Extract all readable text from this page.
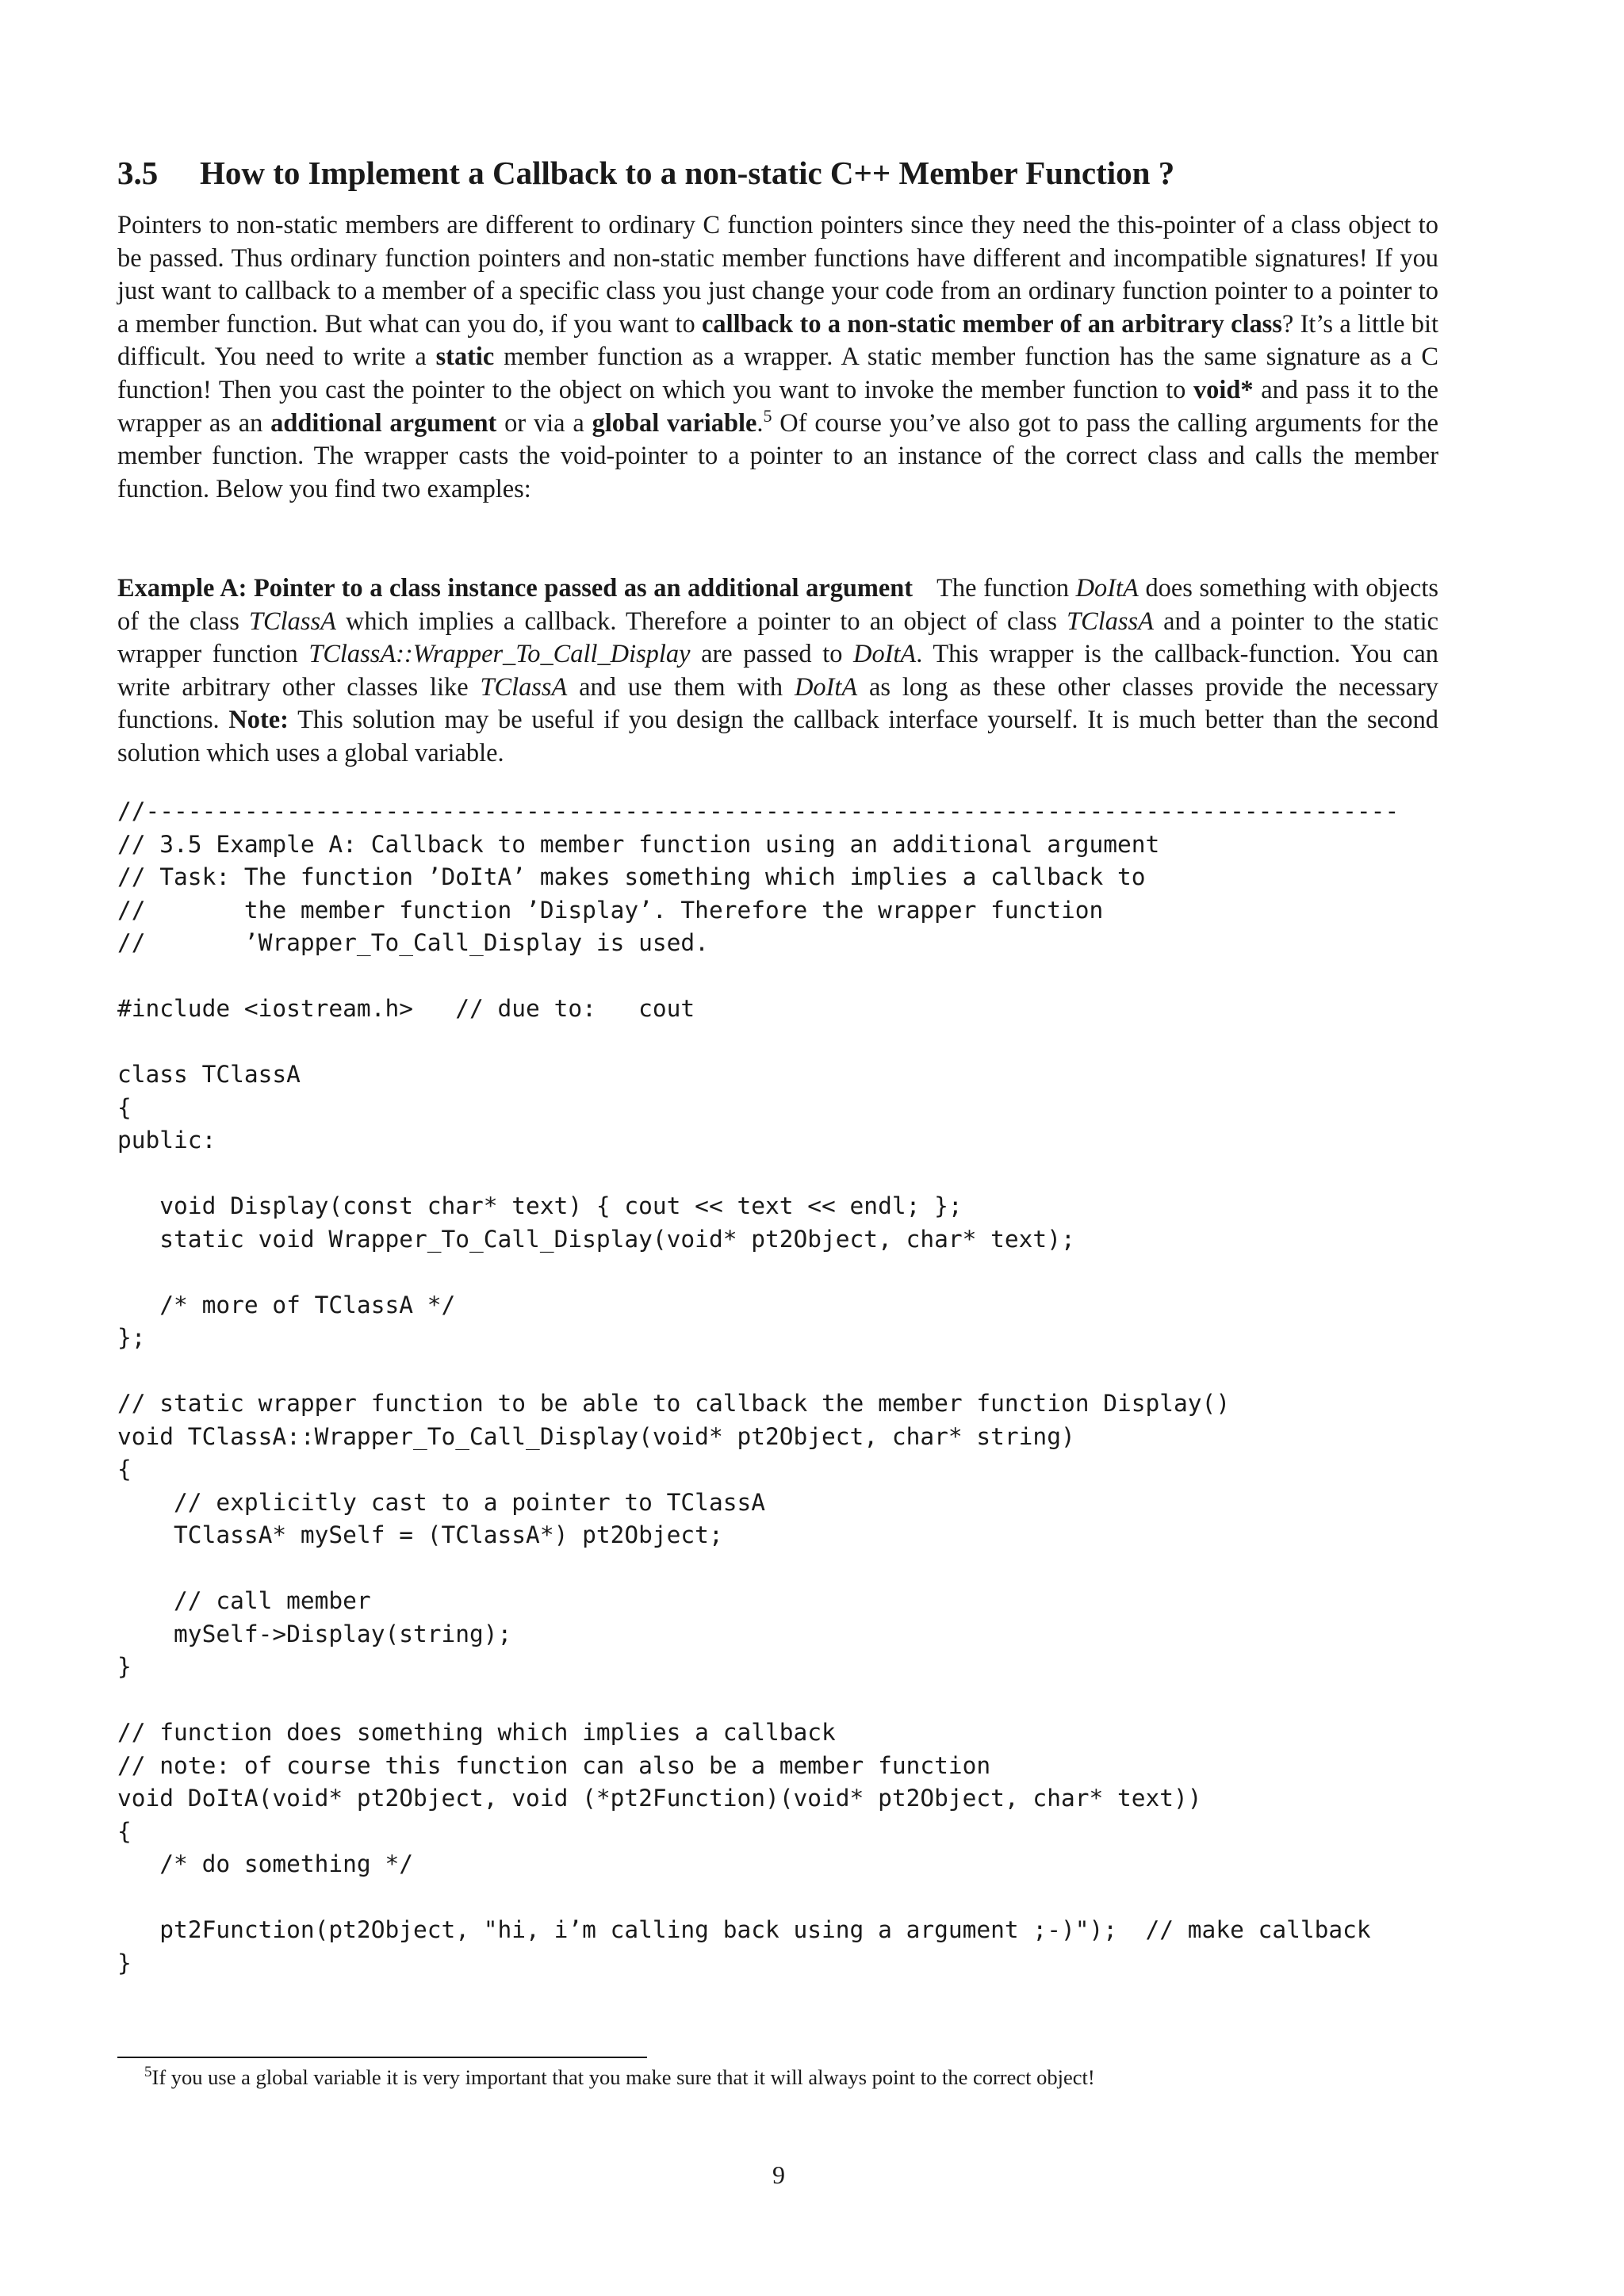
3.5 How to Implement a Callback to a non-static C++ Member Function ?

Pointers to non-static members are different to ordinary C function pointers since they need the this-pointer of a class object to be passed. Thus ordinary function pointers and non-static member functions have different and incompatible signatures! If you just want to callback to a member of a specific class you just change your code from an ordinary function pointer to a pointer to a member function. But what can you do, if you want to callback to a non-static member of an arbitrary class? It’s a little bit difficult. You need to write a static member function as a wrapper. A static member function has the same signature as a C function! Then you cast the pointer to the object on which you want to invoke the member function to void* and pass it to the wrapper as an additional argument or via a global variable.$^5$ Of course you’ve also got to pass the calling arguments for the member function. The wrapper casts the void-pointer to a pointer to an instance of the correct class and calls the member function. Below you find two examples:

Example A: Pointer to a class instance passed as an additional argument The function DoItA does something with objects of the class TClassA which implies a callback. Therefore a pointer to an object of class TClassA and a pointer to the static wrapper function TClassA::Wrapper_To_Call_Display are passed to DoItA. This wrapper is the callback-function. You can write arbitrary other classes like TClassA and use them with DoItA as long as these other classes provide the necessary functions. Note: This solution may be useful if you design the callback interface yourself. It is much better than the second solution which uses a global variable.

//-----------------------------------------------------------------------------------------
// 3.5 Example A: Callback to member function using an additional argument
// Task: The function ’DoItA’ makes something which implies a callback to
//       the member function ’Display’. Therefore the wrapper function
//       ’Wrapper_To_Call_Display is used.

#include <iostream.h>   // due to:   cout

class TClassA
{
public:

void Display(const char* text) { cout << text << endl; };
static void Wrapper_To_Call_Display(void* pt2Object, char* text);

/* more of TClassA */
};

// static wrapper function to be able to callback the member function Display()
void TClassA::Wrapper_To_Call_Display(void* pt2Object, char* string)
{
// explicitly cast to a pointer to TClassA
TClassA* mySelf = (TClassA*) pt2Object;

// call member
mySelf->Display(string);
}

// function does something which implies a callback
// note: of course this function can also be a member function
void DoItA(void* pt2Object, void (*pt2Function)(void* pt2Object, char* text))
{
/* do something */

pt2Function(pt2Object, "hi, i’m calling back using a argument ;-)");  // make callback
}

$^5$If you use a global variable it is very important that you make sure that it will always point to the correct object!

9
